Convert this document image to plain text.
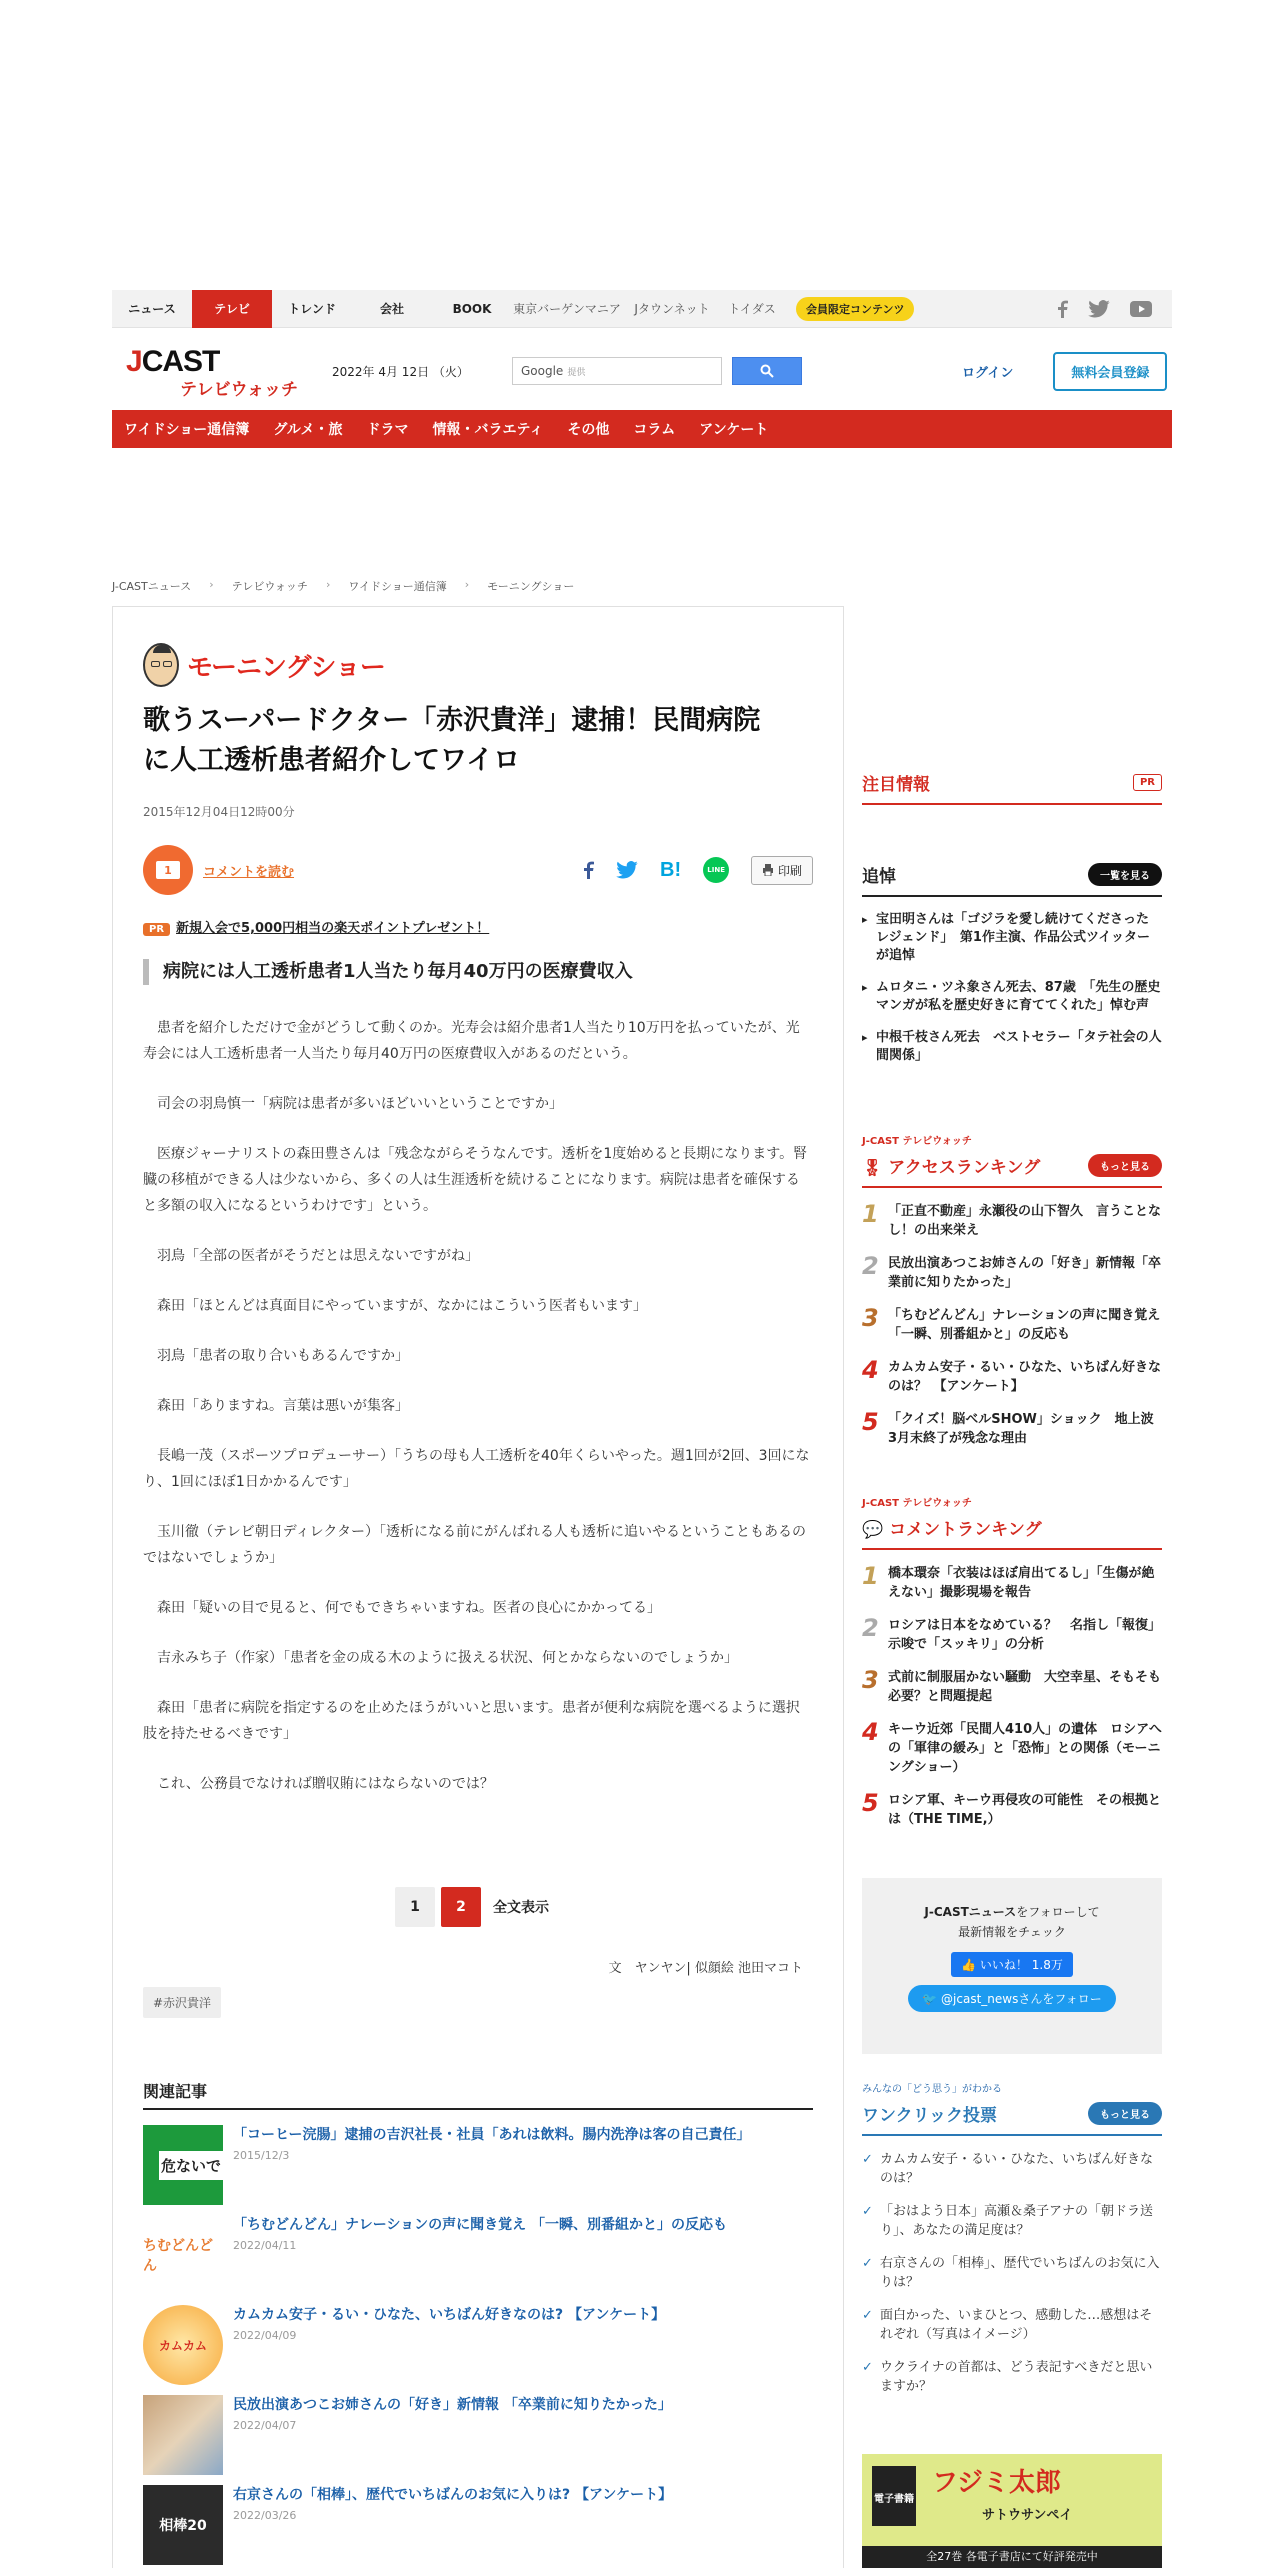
ニュース	テレビ	トレンド	会社	BOOK	東京バーゲンマニア	Jタウンネット	トイダス	会員限定コンテンツ
JCAST
テレビウォッチ
2022年 4月 12日 （火）	Google 提供	ログイン	無料会員登録
ワイドショー通信簿 グルメ・旅 ドラマ 情報・バラエティ その他 コラム アンケート
J-CASTニュース › テレビウォッチ › ワイドショー通信簿 › モーニングショー
モーニングショー
歌うスーパードクター「赤沢貴洋」逮捕！民間病院
に人工透析患者紹介してワイロ
2015年12月04日12時00分
1	コメントを読む	B!	LINE	印刷
PR 新規入会で5,000円相当の楽天ポイントプレゼント！
病院には人工透析患者1人当たり毎月40万円の医療費収入

患者を紹介しただけで金がどうして動くのか。光寿会は紹介患者1人当たり10万円を払っていたが、光寿会には人工透析患者一人当たり毎月40万円の医療費収入があるのだという。

司会の羽鳥慎一「病院は患者が多いほどいいということですか」

医療ジャーナリストの森田豊さんは「残念ながらそうなんです。透析を1度始めると長期になります。腎臓の移植ができる人は少ないから、多くの人は生涯透析を続けることになります。病院は患者を確保すると多額の収入になるというわけです」という。

羽鳥「全部の医者がそうだとは思えないですがね」

森田「ほとんどは真面目にやっていますが、なかにはこういう医者もいます」

羽鳥「患者の取り合いもあるんですか」

森田「ありますね。言葉は悪いが集客」

長嶋一茂（スポーツプロデューサー）「うちの母も人工透析を40年くらいやった。週1回が2回、3回になり、1回にほぼ1日かかるんです」

玉川徹（テレビ朝日ディレクター）「透析になる前にがんばれる人も透析に追いやるということもあるのではないでしょうか」

森田「疑いの目で見ると、何でもできちゃいますね。医者の良心にかかってる」

吉永みち子（作家）「患者を金の成る木のように扱える状況、何とかならないのでしょうか」

森田「患者に病院を指定するのを止めたほうがいいと思います。患者が便利な病院を選べるように選択肢を持たせるべきです」

これ、公務員でなければ贈収賄にはならないのでは？

1	2	全文表示
文　ヤンヤン| 似顔絵 池田マコト
#赤沢貴洋
関連記事
危ないで
「コーヒー浣腸」逮捕の吉沢社長・社員「あれは飲料。腸内洗浄は客の自己責任」
2015/12/3
ちむどんどん
「ちむどんどん」ナレーションの声に聞き覚え 「一瞬、別番組かと」の反応も
2022/04/11
カムカム
カムカム安子・るい・ひなた、いちばん好きなのは? 【アンケート】
2022/04/09
民放出演あつこお姉さんの「好き」新情報 「卒業前に知りたかった」
2022/04/07
相棒20
右京さんの「相棒」、歴代でいちばんのお気に入りは? 【アンケート】
2022/03/26
注目情報	PR
追悼	一覧を見る
▸ 宝田明さんは「ゴジラを愛し続けてくださったレジェンド」　第1作主演、作品公式ツイッターが追悼
▸ ムロタニ・ツネ象さん死去、87歳　「先生の歴史マンガが私を歴史好きに育ててくれた」悼む声
▸ 中根千枝さん死去　ベストセラー「タテ社会の人間関係」
J-CAST テレビウォッチ
🎖 アクセスランキング	もっと見る
1 「正直不動産」永瀬役の山下智久　言うことなし！の出来栄え
2 民放出演あつこお姉さんの「好き」新情報「卒業前に知りたかった」
3 「ちむどんどん」ナレーションの声に聞き覚え　「一瞬、別番組かと」の反応も
4 カムカム安子・るい・ひなた、いちばん好きなのは？　【アンケート】
5 「クイズ！脳ベルSHOW」ショック　地上波3月末終了が残念な理由
J-CAST テレビウォッチ
💬 コメントランキング
1 橋本環奈「衣装はほぼ肩出てるし」「生傷が絶えない」撮影現場を報告
2 ロシアは日本をなめている？　名指し「報復」示唆で「スッキリ」の分析
3 式前に制服届かない騒動　大空幸星、そもそも必要？と問題提起
4 キーウ近郊「民間人410人」の遺体　ロシアへの「軍律の緩み」と「恐怖」との関係（モーニングショー）
5 ロシア軍、キーウ再侵攻の可能性　その根拠とは（THE TIME,）
J-CASTニュースをフォローして
最新情報をチェック
👍 いいね！ 1.8万
🐦 @jcast_newsさんをフォロー
みんなの「どう思う」がわかる
ワンクリック投票	もっと見る
✓ カムカム安子・るい・ひなた、いちばん好きなのは？
✓ 「おはよう日本」高瀬＆桑子アナの「朝ドラ送り」、あなたの満足度は？
✓ 右京さんの「相棒」、歴代でいちばんのお気に入りは？
✓ 面白かった、いまひとつ、感動した…感想はそれぞれ（写真はイメージ）
✓ ウクライナの首都は、どう表記すべきだと思いますか？
電子書籍
フジミ太郎
サトウサンペイ
全27巻 各電子書店にて好評発売中
